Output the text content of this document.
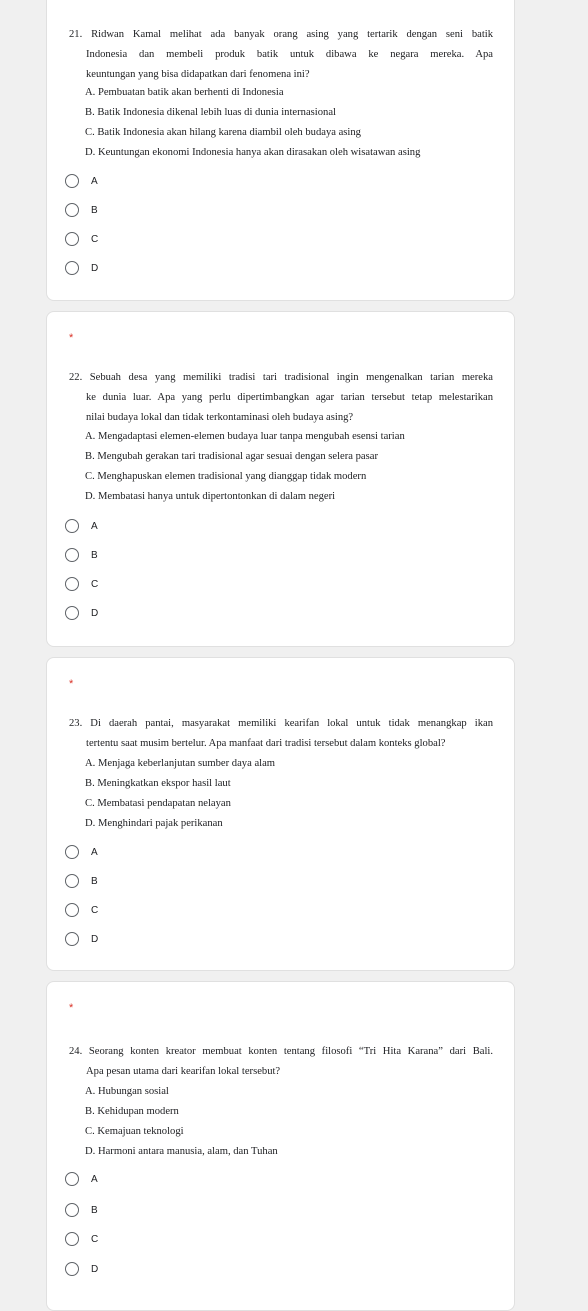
21. Ridwan Kamal melihat ada banyak orang asing yang tertarik dengan seni batik
Indonesia dan membeli produk batik untuk dibawa ke negara mereka. Apa
keuntungan yang bisa didapatkan dari fenomena ini?
A. Pembuatan batik akan berhenti di Indonesia
B. Batik Indonesia dikenal lebih luas di dunia internasional
C. Batik Indonesia akan hilang karena diambil oleh budaya asing
D. Keuntungan ekonomi Indonesia hanya akan dirasakan oleh wisatawan asing
A
B
C
D
*
22. Sebuah desa yang memiliki tradisi tari tradisional ingin mengenalkan tarian mereka
ke dunia luar. Apa yang perlu dipertimbangkan agar tarian tersebut tetap melestarikan
nilai budaya lokal dan tidak terkontaminasi oleh budaya asing?
A. Mengadaptasi elemen-elemen budaya luar tanpa mengubah esensi tarian
B. Mengubah gerakan tari tradisional agar sesuai dengan selera pasar
C. Menghapuskan elemen tradisional yang dianggap tidak modern
D. Membatasi hanya untuk dipertontonkan di dalam negeri
A
B
C
D
*
23. Di daerah pantai, masyarakat memiliki kearifan lokal untuk tidak menangkap ikan
tertentu saat musim bertelur. Apa manfaat dari tradisi tersebut dalam konteks global?
A. Menjaga keberlanjutan sumber daya alam
B. Meningkatkan ekspor hasil laut
C. Membatasi pendapatan nelayan
D. Menghindari pajak perikanan
A
B
C
D
*
24. Seorang konten kreator membuat konten tentang filosofi “Tri Hita Karana” dari Bali.
Apa pesan utama dari kearifan lokal tersebut?
A. Hubungan sosial
B. Kehidupan modern
C. Kemajuan teknologi
D. Harmoni antara manusia, alam, dan Tuhan
A
B
C
D
